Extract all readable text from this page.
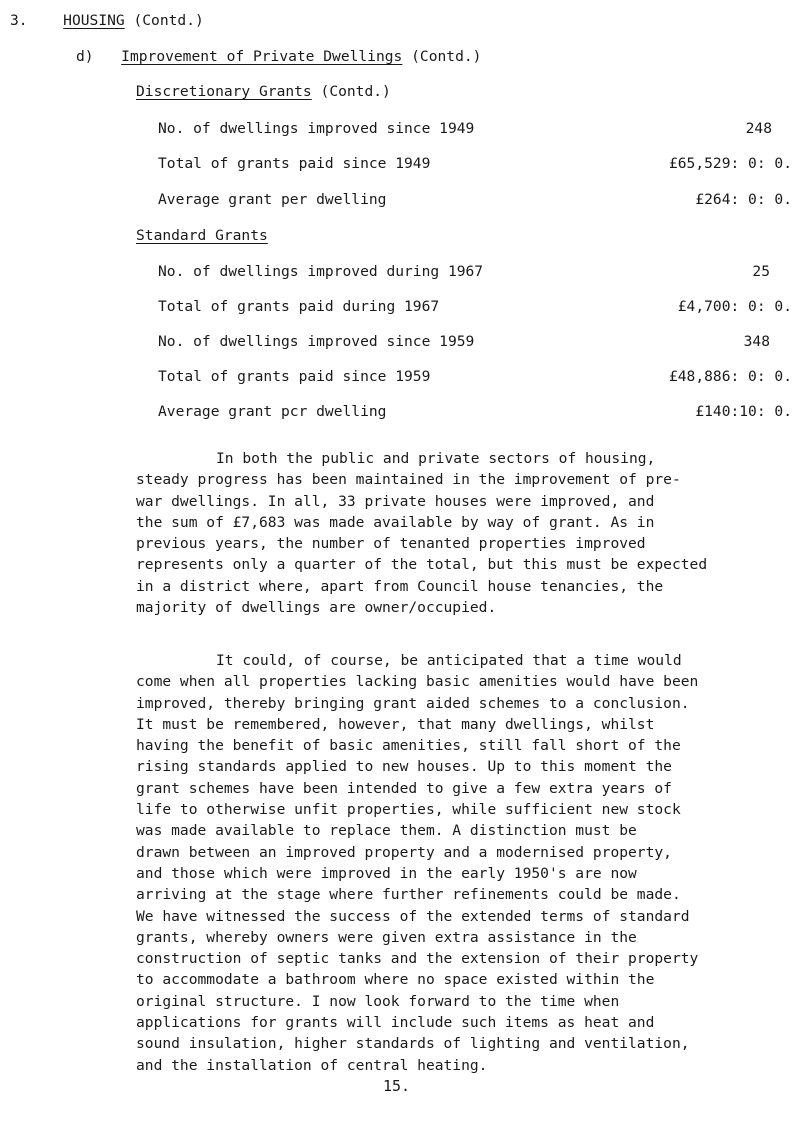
3. HOUSING (Contd.)
d) Improvement of Private Dwellings (Contd.)
Discretionary Grants (Contd.)
No. of dwellings improved since 1949	248
Total of grants paid since 1949	£65,529: 0: 0.
Average grant per dwelling	£264: 0: 0.
Standard Grants
No. of dwellings improved during 1967	25
Total of grants paid during 1967	£4,700: 0: 0.
No. of dwellings improved since 1959	348
Total of grants paid since 1959	£48,886: 0: 0.
Average grant pcr dwelling	£140:10: 0.
In both the public and private sectors of housing,
steady progress has been maintained in the improvement of pre-
war dwellings. In all, 33 private houses were improved, and
the sum of £7,683 was made available by way of grant. As in
previous years, the number of tenanted properties improved
represents only a quarter of the total, but this must be expected
in a district where, apart from Council house tenancies, the
majority of dwellings are owner/occupied.
It could, of course, be anticipated that a time would
come when all properties lacking basic amenities would have been
improved, thereby bringing grant aided schemes to a conclusion.
It must be remembered, however, that many dwellings, whilst
having the benefit of basic amenities, still fall short of the
rising standards applied to new houses. Up to this moment the
grant schemes have been intended to give a few extra years of
life to otherwise unfit properties, while sufficient new stock
was made available to replace them. A distinction must be
drawn between an improved property and a modernised property,
and those which were improved in the early 1950's are now
arriving at the stage where further refinements could be made.
We have witnessed the success of the extended terms of standard
grants, whereby owners were given extra assistance in the
construction of septic tanks and the extension of their property
to accommodate a bathroom where no space existed within the
original structure. I now look forward to the time when
applications for grants will include such items as heat and
sound insulation, higher standards of lighting and ventilation,
and the installation of central heating.
15.
